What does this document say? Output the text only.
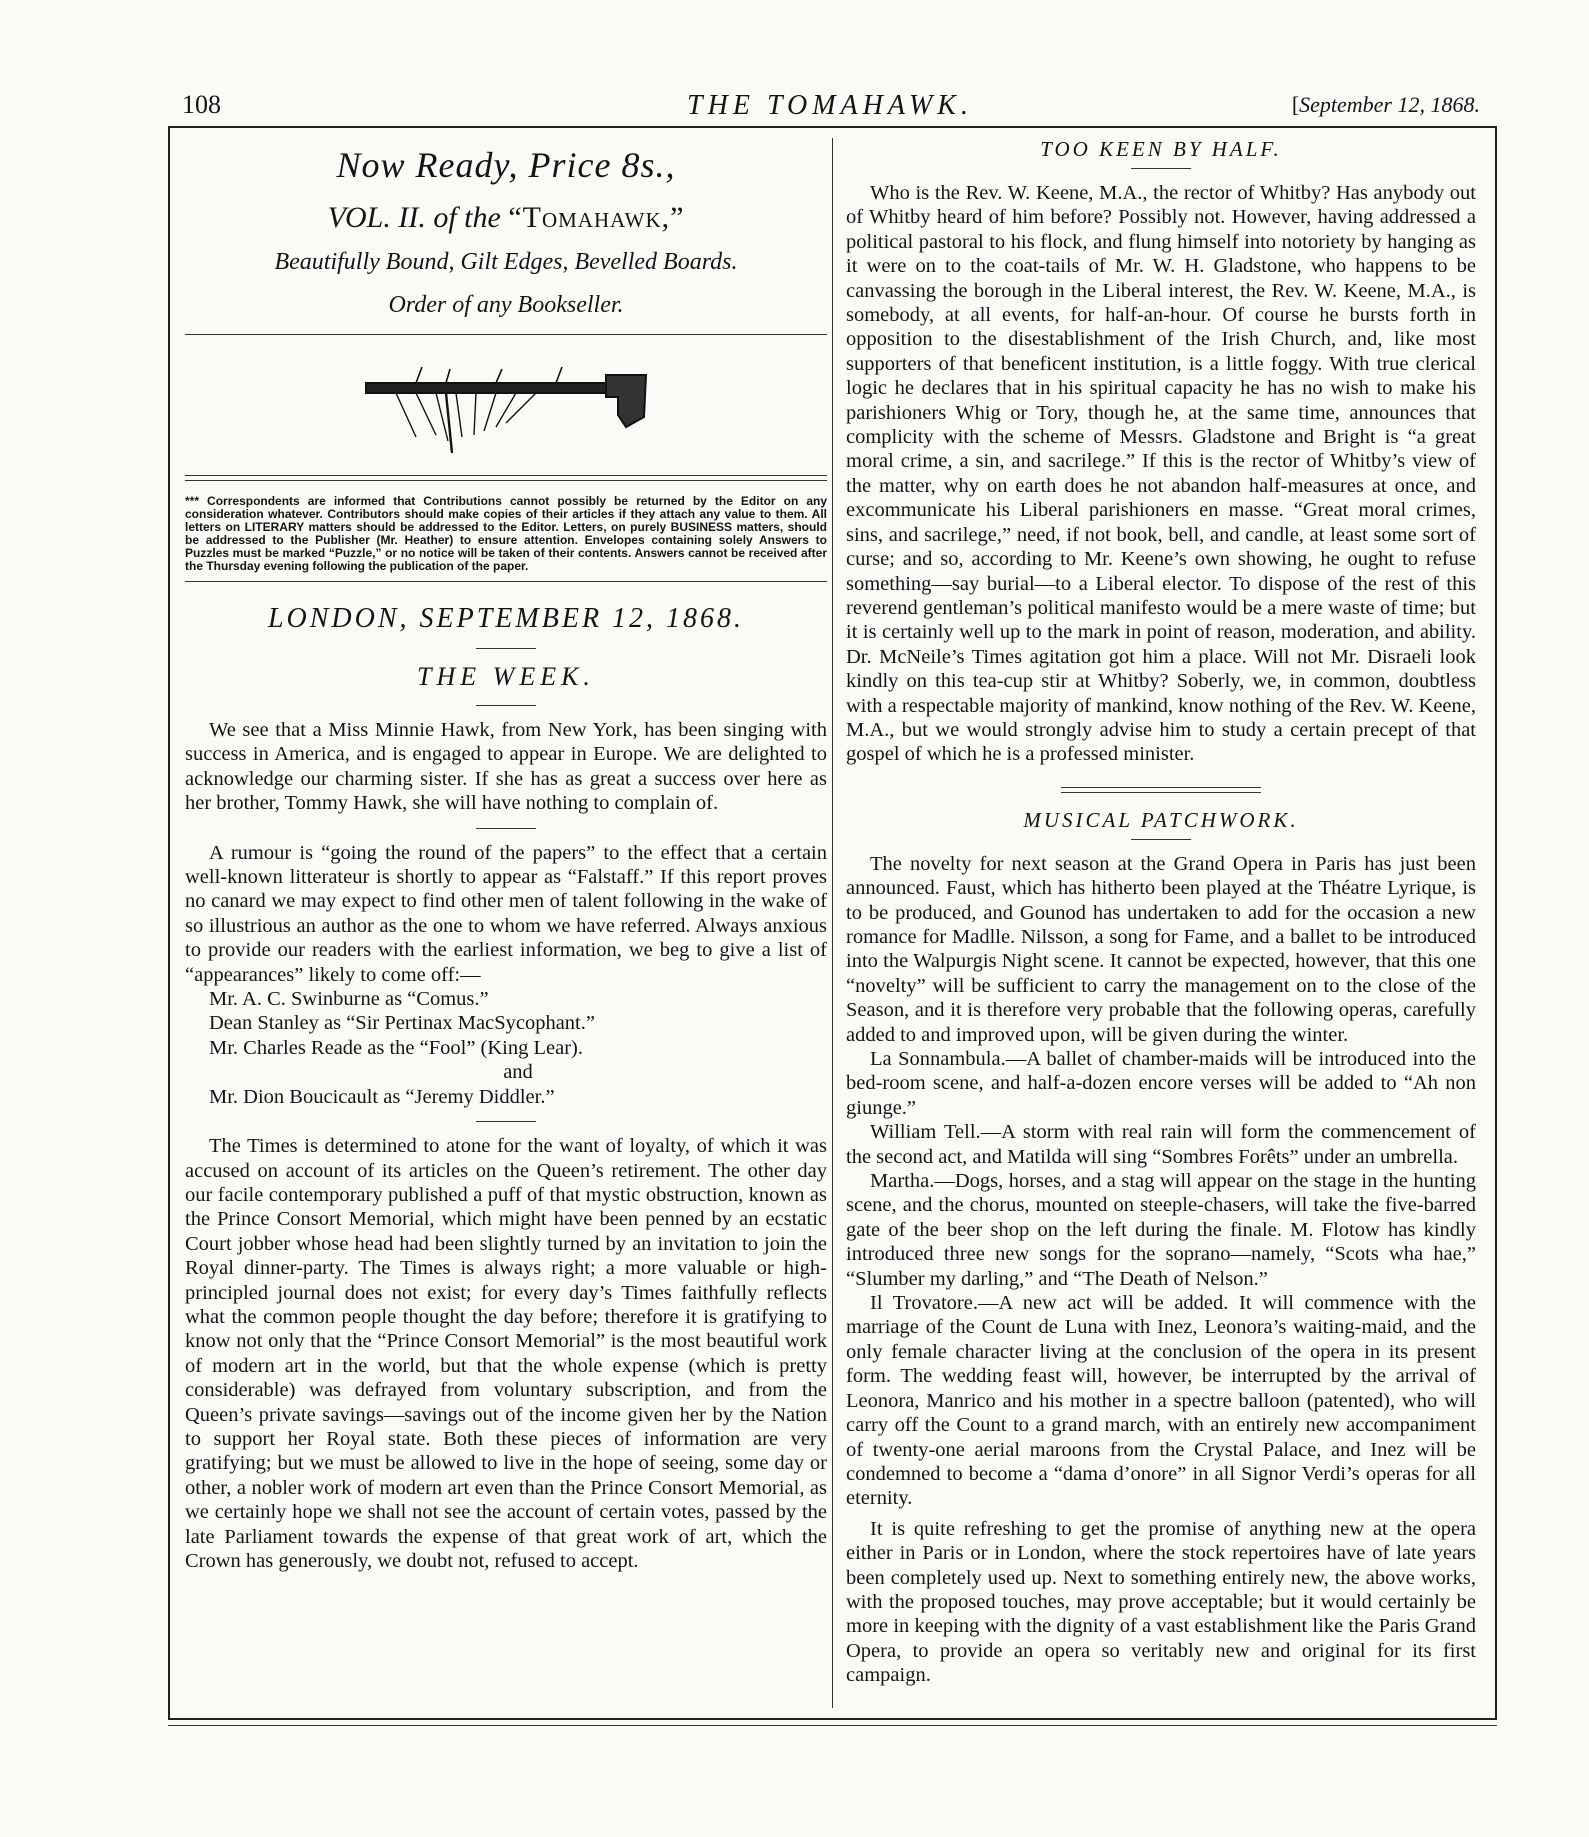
108	THE TOMAHAWK.	[September 12, 1868.
Now Ready, Price 8s.,
VOL. II. of the “Tomahawk,”
Beautifully Bound, Gilt Edges, Bevelled Boards.
Order of any Bookseller.

*** Correspondents are informed that Contributions cannot possibly be returned by the Editor on any consideration whatever. Contributors should make copies of their articles if they attach any value to them. All letters on LITERARY matters should be addressed to the Editor. Letters, on purely BUSINESS matters, should be addressed to the Publisher (Mr. Heather) to ensure attention. Envelopes containing solely Answers to Puzzles must be marked “Puzzle,” or no notice will be taken of their contents. Answers cannot be received after the Thursday evening following the publication of the paper.

LONDON, SEPTEMBER 12, 1868.
THE WEEK.

We see that a Miss Minnie Hawk, from New York, has been singing with success in America, and is engaged to appear in Europe. We are delighted to acknowledge our charming sister. If she has as great a success over here as her brother, Tommy Hawk, she will have nothing to complain of.

A rumour is “going the round of the papers” to the effect that a certain well-known litterateur is shortly to appear as “Falstaff.” If this report proves no canard we may expect to find other men of talent following in the wake of so illustrious an author as the one to whom we have referred. Always anxious to provide our readers with the earliest information, we beg to give a list of “appearances” likely to come off:—

Mr. A. C. Swinburne as “Comus.”

Dean Stanley as “Sir Pertinax MacSycophant.”

Mr. Charles Reade as the “Fool” (King Lear).

and

Mr. Dion Boucicault as “Jeremy Diddler.”

The Times is determined to atone for the want of loyalty, of which it was accused on account of its articles on the Queen’s retirement. The other day our facile contemporary published a puff of that mystic obstruction, known as the Prince Consort Memorial, which might have been penned by an ecstatic Court jobber whose head had been slightly turned by an invitation to join the Royal dinner-party. The Times is always right; a more valuable or high-principled journal does not exist; for every day’s Times faithfully reflects what the common people thought the day before; therefore it is gratifying to know not only that the “Prince Consort Memorial” is the most beautiful work of modern art in the world, but that the whole expense (which is pretty considerable) was defrayed from voluntary subscription, and from the Queen’s private savings—savings out of the income given her by the Nation to support her Royal state. Both these pieces of information are very gratifying; but we must be allowed to live in the hope of seeing, some day or other, a nobler work of modern art even than the Prince Consort Memorial, as we certainly hope we shall not see the account of certain votes, passed by the late Parliament towards the expense of that great work of art, which the Crown has generously, we doubt not, refused to accept.

TOO KEEN BY HALF.

Who is the Rev. W. Keene, M.A., the rector of Whitby? Has anybody out of Whitby heard of him before? Possibly not. However, having addressed a political pastoral to his flock, and flung himself into notoriety by hanging as it were on to the coat-tails of Mr. W. H. Gladstone, who happens to be canvassing the borough in the Liberal interest, the Rev. W. Keene, M.A., is somebody, at all events, for half-an-hour. Of course he bursts forth in opposition to the disestablishment of the Irish Church, and, like most supporters of that beneficent institution, is a little foggy. With true clerical logic he declares that in his spiritual capacity he has no wish to make his parishioners Whig or Tory, though he, at the same time, announces that complicity with the scheme of Messrs. Gladstone and Bright is “a great moral crime, a sin, and sacrilege.” If this is the rector of Whitby’s view of the matter, why on earth does he not abandon half-measures at once, and excommunicate his Liberal parishioners en masse. “Great moral crimes, sins, and sacrilege,” need, if not book, bell, and candle, at least some sort of curse; and so, according to Mr. Keene’s own showing, he ought to refuse something—say burial—to a Liberal elector. To dispose of the rest of this reverend gentleman’s political manifesto would be a mere waste of time; but it is certainly well up to the mark in point of reason, moderation, and ability. Dr. McNeile’s Times agitation got him a place. Will not Mr. Disraeli look kindly on this tea-cup stir at Whitby? Soberly, we, in common, doubtless with a respectable majority of mankind, know nothing of the Rev. W. Keene, M.A., but we would strongly advise him to study a certain precept of that gospel of which he is a professed minister.

MUSICAL PATCHWORK.

The novelty for next season at the Grand Opera in Paris has just been announced. Faust, which has hitherto been played at the Théatre Lyrique, is to be produced, and Gounod has undertaken to add for the occasion a new romance for Madlle. Nilsson, a song for Fame, and a ballet to be introduced into the Walpurgis Night scene. It cannot be expected, however, that this one “novelty” will be sufficient to carry the management on to the close of the Season, and it is therefore very probable that the following operas, carefully added to and improved upon, will be given during the winter.

La Sonnambula.—A ballet of chamber-maids will be introduced into the bed-room scene, and half-a-dozen encore verses will be added to “Ah non giunge.”

William Tell.—A storm with real rain will form the commencement of the second act, and Matilda will sing “Sombres Forêts” under an umbrella.

Martha.—Dogs, horses, and a stag will appear on the stage in the hunting scene, and the chorus, mounted on steeple-chasers, will take the five-barred gate of the beer shop on the left during the finale. M. Flotow has kindly introduced three new songs for the soprano—namely, “Scots wha hae,” “Slumber my darling,” and “The Death of Nelson.”

Il Trovatore.—A new act will be added. It will commence with the marriage of the Count de Luna with Inez, Leonora’s waiting-maid, and the only female character living at the conclusion of the opera in its present form. The wedding feast will, however, be interrupted by the arrival of Leonora, Manrico and his mother in a spectre balloon (patented), who will carry off the Count to a grand march, with an entirely new accompaniment of twenty-one aerial maroons from the Crystal Palace, and Inez will be condemned to become a “dama d’onore” in all Signor Verdi’s operas for all eternity.

It is quite refreshing to get the promise of anything new at the opera either in Paris or in London, where the stock repertoires have of late years been completely used up. Next to something entirely new, the above works, with the proposed touches, may prove acceptable; but it would certainly be more in keeping with the dignity of a vast establishment like the Paris Grand Opera, to provide an opera so veritably new and original for its first campaign.
